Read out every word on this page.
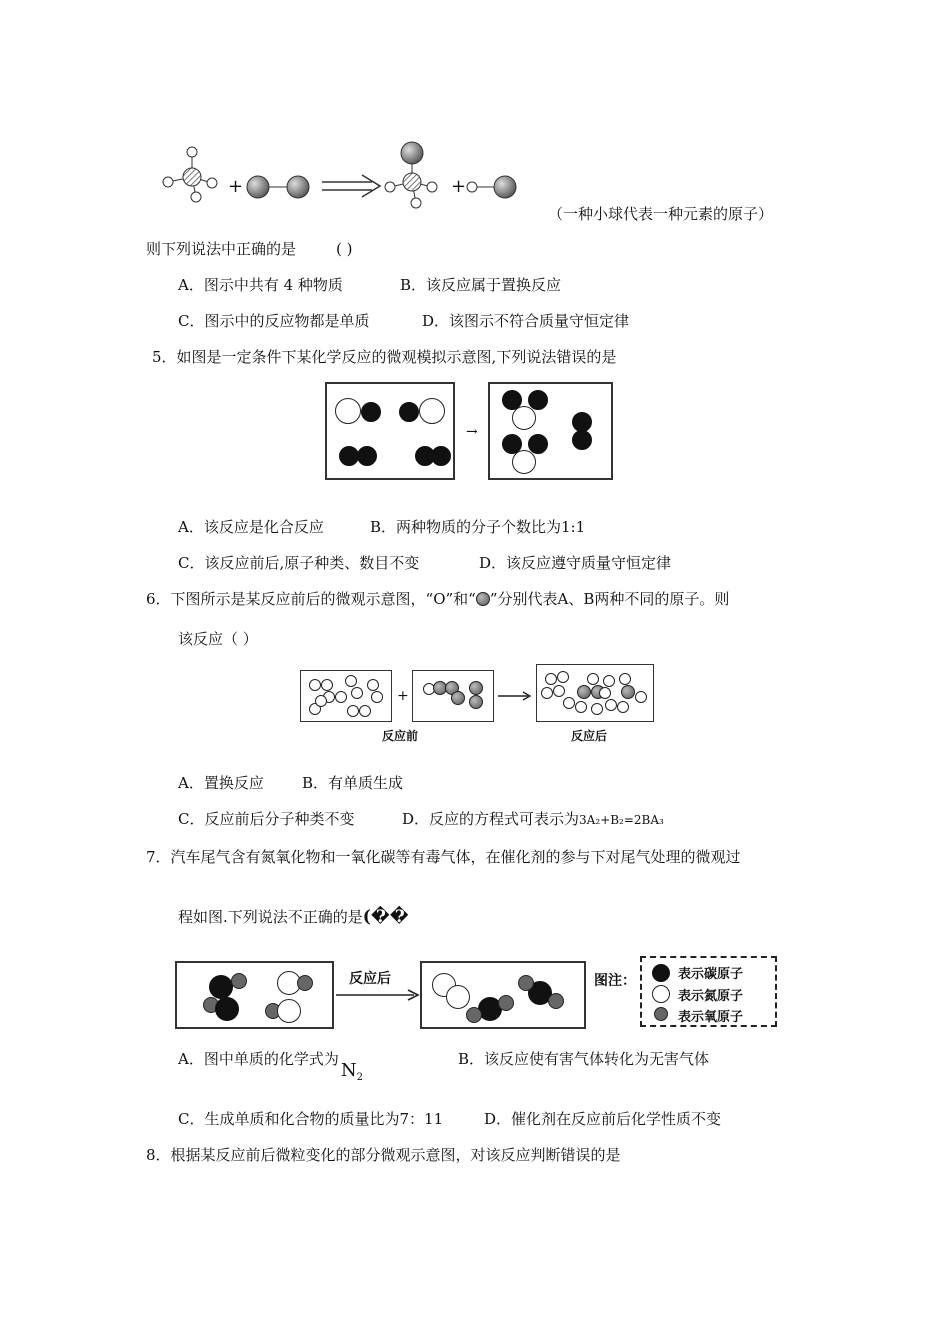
+	+
（一种小球代表一种元素的原子）
则下列说法中正确的是	( )
A．图示中共有 4 种物质	B．该反应属于置换反应
C．图示中的反应物都是单质	D．该图示不符合质量守恒定律
5．如图是一定条件下某化学反应的微观模拟示意图,下列说法错误的是
→
A．该反应是化合反应	B．两种物质的分子个数比为1:1
C．该反应前后,原子种类、数目不变	D．该反应遵守质量守恒定律
6．下图所示是某反应前后的微观示意图，“O”和“ ”分别代表A、B两种不同的原子。则
该反应（ ）
+
反应前	反应后
A．置换反应	B．有单质生成
C．反应前后分子种类不变	D．反应的方程式可表示为3A₂+B₂=2BA₃
7．汽车尾气含有氮氧化物和一氧化碳等有毒气体，在催化剂的参与下对尾气处理的微观过
程如图.下列说法不正确的是(��
反应后	图注：	表示碳原子
表示氮原子
表示氧原子
A．图中单质的化学式为$N_2$
B．该反应使有害气体转化为无害气体
C．生成单质和化合物的质量比为7：11	D．催化剂在反应前后化学性质不变
8．根据某反应前后微粒变化的部分微观示意图，对该反应判断错误的是
